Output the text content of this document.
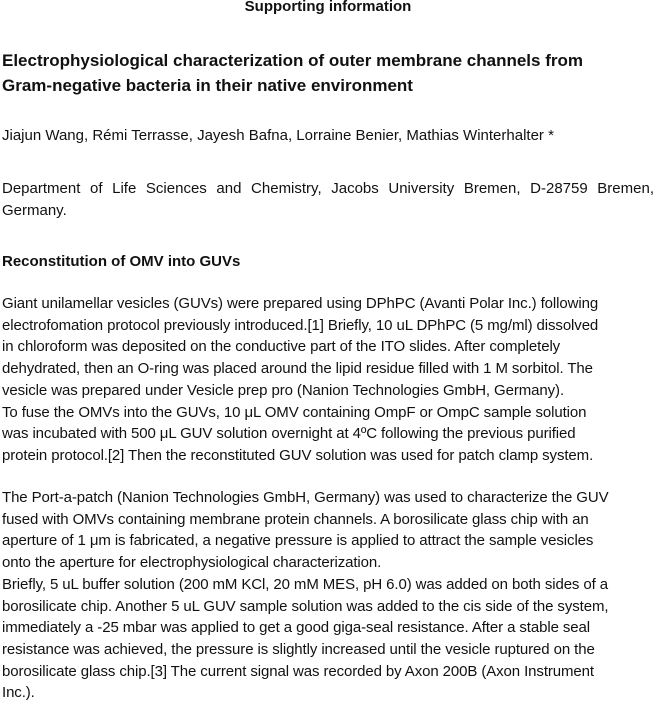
Supporting information
Electrophysiological characterization of outer membrane channels from
Gram-negative bacteria in their native environment
Jiajun Wang, Rémi Terrasse, Jayesh Bafna, Lorraine Benier, Mathias Winterhalter *
Department of Life Sciences and Chemistry, Jacobs University Bremen, D-28759 Bremen, Germany.
Reconstitution of OMV into GUVs
Giant unilamellar vesicles (GUVs) were prepared using DPhPC (Avanti Polar Inc.) following
electrofomation protocol previously introduced.[1] Briefly, 10 uL DPhPC (5 mg/ml) dissolved
in chloroform was deposited on the conductive part of the ITO slides. After completely
dehydrated, then an O-ring was placed around the lipid residue filled with 1 M sorbitol. The
vesicle was prepared under Vesicle prep pro (Nanion Technologies GmbH, Germany).
To fuse the OMVs into the GUVs, 10 μL OMV containing OmpF or OmpC sample solution
was incubated with 500 μL GUV solution overnight at 4ºC following the previous purified
protein protocol.[2] Then the reconstituted GUV solution was used for patch clamp system.
The Port-a-patch (Nanion Technologies GmbH, Germany) was used to characterize the GUV
fused with OMVs containing membrane protein channels. A borosilicate glass chip with an
aperture of 1 μm is fabricated, a negative pressure is applied to attract the sample vesicles
onto the aperture for electrophysiological characterization.
Briefly, 5 uL buffer solution (200 mM KCl, 20 mM MES, pH 6.0) was added on both sides of a
borosilicate chip. Another 5 uL GUV sample solution was added to the cis side of the system,
immediately a -25 mbar was applied to get a good giga-seal resistance. After a stable seal
resistance was achieved, the pressure is slightly increased until the vesicle ruptured on the
borosilicate glass chip.[3] The current signal was recorded by Axon 200B (Axon Instrument
Inc.).
